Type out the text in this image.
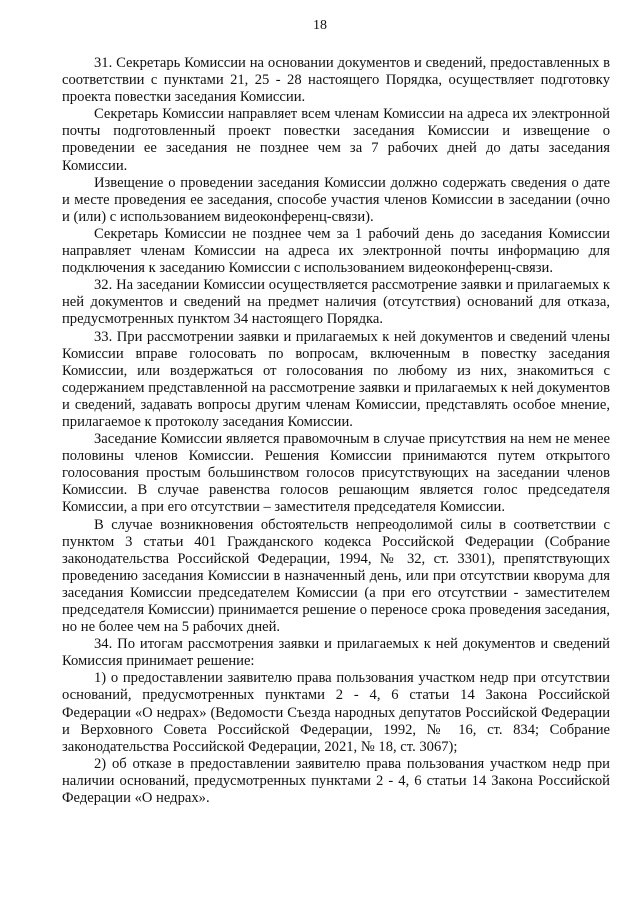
18

31. Секретарь Комиссии на основании документов и сведений, предоставленных в соответствии с пунктами 21, 25 - 28 настоящего Порядка, осуществляет подготовку проекта повестки заседания Комиссии.

Секретарь Комиссии направляет всем членам Комиссии на адреса их электронной почты подготовленный проект повестки заседания Комиссии и извещение о проведении ее заседания не позднее чем за 7 рабочих дней до даты заседания Комиссии.

Извещение о проведении заседания Комиссии должно содержать сведения о дате и месте проведения ее заседания, способе участия членов Комиссии в заседании (очно и (или) с использованием видеоконференц-связи).

Секретарь Комиссии не позднее чем за 1 рабочий день до заседания Комиссии направляет членам Комиссии на адреса их электронной почты информацию для подключения к заседанию Комиссии с использованием видеоконференц-связи.

32. На заседании Комиссии осуществляется рассмотрение заявки и прилагаемых к ней документов и сведений на предмет наличия (отсутствия) оснований для отказа, предусмотренных пунктом 34 настоящего Порядка.

33. При рассмотрении заявки и прилагаемых к ней документов и сведений члены Комиссии вправе голосовать по вопросам, включенным в повестку заседания Комиссии, или воздержаться от голосования по любому из них, знакомиться с содержанием представленной на рассмотрение заявки и прилагаемых к ней документов и сведений, задавать вопросы другим членам Комиссии, представлять особое мнение, прилагаемое к протоколу заседания Комиссии.

Заседание Комиссии является правомочным в случае присутствия на нем не менее половины членов Комиссии. Решения Комиссии принимаются путем открытого голосования простым большинством голосов присутствующих на заседании членов Комиссии. В случае равенства голосов решающим является голос председателя Комиссии, а при его отсутствии – заместителя председателя Комиссии.

В случае возникновения обстоятельств непреодолимой силы в соответствии с пунктом 3 статьи 401 Гражданского кодекса Российской Федерации (Собрание законодательства Российской Федерации, 1994, № 32, ст. 3301), препятствующих проведению заседания Комиссии в назначенный день, или при отсутствии кворума для заседания Комиссии председателем Комиссии (а при его отсутствии - заместителем председателя Комиссии) принимается решение о переносе срока проведения заседания, но не более чем на 5 рабочих дней.

34. По итогам рассмотрения заявки и прилагаемых к ней документов и сведений Комиссия принимает решение:

1) о предоставлении заявителю права пользования участком недр при отсутствии оснований, предусмотренных пунктами 2 - 4, 6 статьи 14 Закона Российской Федерации «О недрах» (Ведомости Съезда народных депутатов Российской Федерации и Верховного Совета Российской Федерации, 1992, № 16, ст. 834; Собрание законодательства Российской Федерации, 2021, № 18, ст. 3067);

2) об отказе в предоставлении заявителю права пользования участком недр при наличии оснований, предусмотренных пунктами 2 - 4, 6 статьи 14 Закона Российской Федерации «О недрах».
